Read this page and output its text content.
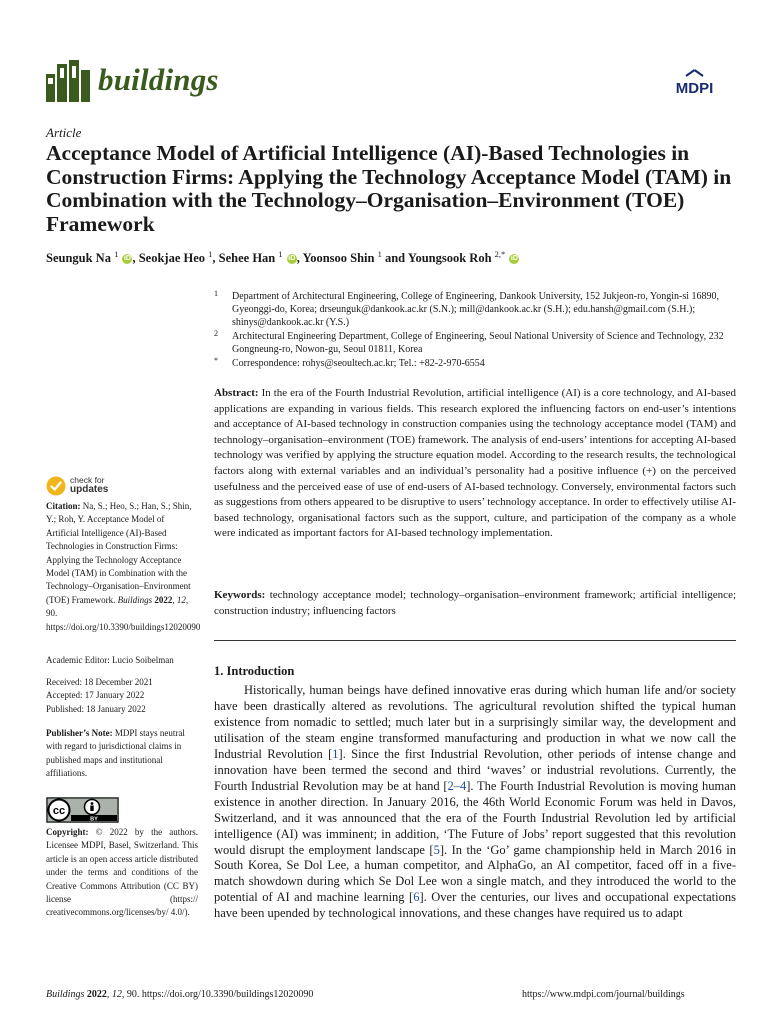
buildings	MDPI
Article
Acceptance Model of Artificial Intelligence (AI)-Based Technologies in Construction Firms: Applying the Technology Acceptance Model (TAM) in Combination with the Technology–Organisation–Environment (TOE) Framework
Seunguk Na $^1$ iD , Seokjae Heo $^1$, Sehee Han $^1$ iD , Yoonsoo Shin $^1$ and Youngsook Roh $^{2,*}$ iD
1 Department of Architectural Engineering, College of Engineering, Dankook University, 152 Jukjeon-ro, Yongin-si 16890, Gyeonggi-do, Korea; drseunguk@dankook.ac.kr (S.N.); mill@dankook.ac.kr (S.H.); edu.hansh@gmail.com (S.H.); shinys@dankook.ac.kr (Y.S.)
2 Architectural Engineering Department, College of Engineering, Seoul National University of Science and Technology, 232 Gongneung-ro, Nowon-gu, Seoul 01811, Korea
* Correspondence: rohys@seoultech.ac.kr; Tel.: +82-2-970-6554

Abstract: In the era of the Fourth Industrial Revolution, artificial intelligence (AI) is a core technology, and AI-based applications are expanding in various fields. This research explored the influencing factors on end-user’s intentions and acceptance of AI-based technology in construction companies using the technology acceptance model (TAM) and technology–organisation–environment (TOE) framework. The analysis of end-users’ intentions for accepting AI-based technology was verified by applying the structure equation model. According to the research results, the technological factors along with external variables and an individual’s personality had a positive influence (+) on the perceived usefulness and the perceived ease of use of end-users of AI-based technology. Conversely, environmental factors such as suggestions from others appeared to be disruptive to users’ technology acceptance. In order to effectively utilise AI-based technology, organisational factors such as the support, culture, and participation of the company as a whole were indicated as important factors for AI-based technology implementation.

Keywords: technology acceptance model; technology–organisation–environment framework; artificial intelligence; construction industry; influencing factors

1. Introduction

Historically, human beings have defined innovative eras during which human life and/or society have been drastically altered as revolutions. The agricultural revolution shifted the typical human existence from nomadic to settled; much later but in a surprisingly similar way, the development and utilisation of the steam engine transformed manufacturing and production in what we now call the Industrial Revolution [1]. Since the first Industrial Revolution, other periods of intense change and innovation have been termed the second and third ‘waves’ or industrial revolutions. Currently, the Fourth Industrial Revolution may be at hand [2–4]. The Fourth Industrial Revolution is moving human existence in another direction. In January 2016, the 46th World Economic Forum was held in Davos, Switzerland, and it was announced that the era of the Fourth Industrial Revolution led by artificial intelligence (AI) was imminent; in addition, ‘The Future of Jobs’ report suggested that this revolution would disrupt the employment landscape [5]. In the ‘Go’ game championship held in March 2016 in South Korea, Se Dol Lee, a human competitor, and AlphaGo, an AI competitor, faced off in a five-match showdown during which Se Dol Lee won a single match, and they introduced the world to the potential of AI and machine learning [6]. Over the centuries, our lives and occupational expectations have been upended by technological innovations, and these changes have required us to adapt

check for
updates

Citation: Na, S.; Heo, S.; Han, S.; Shin, Y.; Roh, Y. Acceptance Model of Artificial Intelligence (AI)-Based Technologies in Construction Firms: Applying the Technology Acceptance Model (TAM) in Combination with the Technology–Organisation–Environment (TOE) Framework. Buildings 2022, 12, 90. https://doi.org/10.3390/buildings12020090

Academic Editor: Lucio Soibelman
Received: 18 December 2021
Accepted: 17 January 2022
Published: 18 January 2022

Publisher’s Note: MDPI stays neutral with regard to jurisdictional claims in published maps and institutional affiliations.

cc
BY

Copyright: © 2022 by the authors. Licensee MDPI, Basel, Switzerland. This article is an open access article distributed under the terms and conditions of the Creative Commons Attribution (CC BY) license (https:// creativecommons.org/licenses/by/ 4.0/).

Buildings 2022, 12, 90. https://doi.org/10.3390/buildings12020090	https://www.mdpi.com/journal/buildings
